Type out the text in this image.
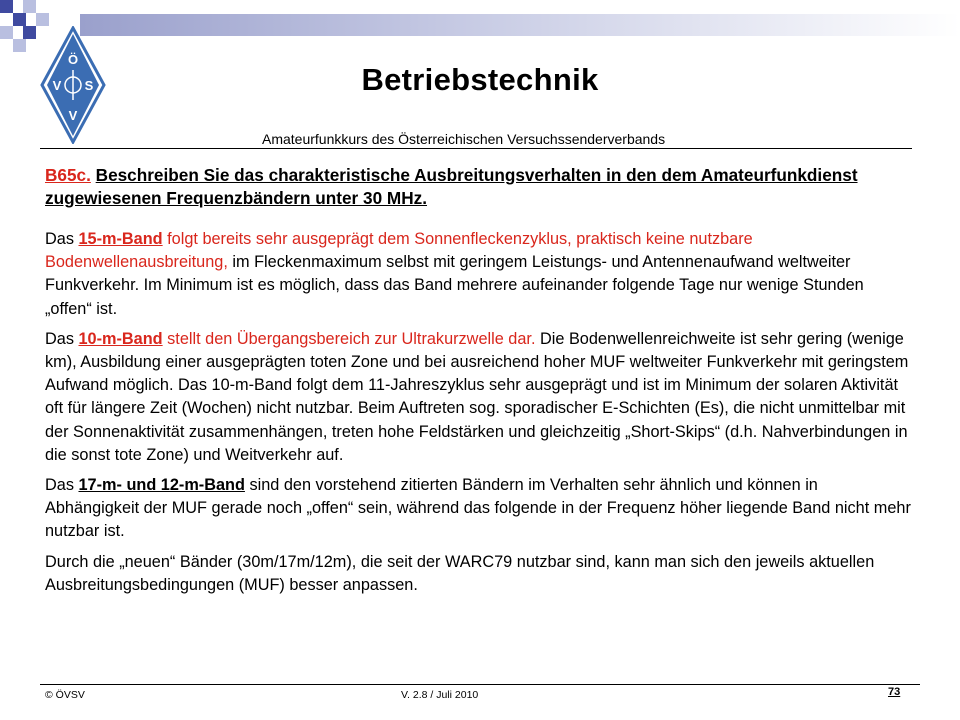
Ö
V S
V
Betriebstechnik
Amateurfunkkurs des Österreichischen Versuchssenderverbands
B65c. Beschreiben Sie das charakteristische Ausbreitungsverhalten in den dem Amateurfunkdienst zugewiesenen Frequenzbändern unter 30 MHz.

Das 15-m-Band folgt bereits sehr ausgeprägt dem Sonnenfleckenzyklus, praktisch keine nutzbare Bodenwellenausbreitung, im Fleckenmaximum selbst mit geringem Leistungs- und Antennenaufwand weltweiter Funkverkehr. Im Minimum ist es möglich, dass das Band mehrere aufeinander folgende Tage nur wenige Stunden „offen“ ist.

Das 10-m-Band stellt den Übergangsbereich zur Ultrakurzwelle dar. Die Bodenwellenreichweite ist sehr gering (wenige km), Ausbildung einer ausgeprägten toten Zone und bei ausreichend hoher MUF weltweiter Funkverkehr mit geringstem Aufwand möglich. Das 10-m-Band folgt dem 11-Jahreszyklus sehr ausgeprägt und ist im Minimum der solaren Aktivität oft für längere Zeit (Wochen) nicht nutzbar. Beim Auftreten sog. sporadischer E-Schichten (Es), die nicht unmittelbar mit der Sonnenaktivität zusammenhängen, treten hohe Feldstärken und gleichzeitig „Short-Skips“ (d.h. Nahverbindungen in die sonst tote Zone) und Weitverkehr auf.

Das 17-m- und 12-m-Band sind den vorstehend zitierten Bändern im Verhalten sehr ähnlich und können in Abhängigkeit der MUF gerade noch „offen“ sein, während das folgende in der Frequenz höher liegende Band nicht mehr nutzbar ist.

Durch die „neuen“ Bänder (30m/17m/12m), die seit der WARC79 nutzbar sind, kann man sich den jeweils aktuellen Ausbreitungsbedingungen (MUF) besser anpassen.

© ÖVSV	V. 2.8 / Juli 2010	73
